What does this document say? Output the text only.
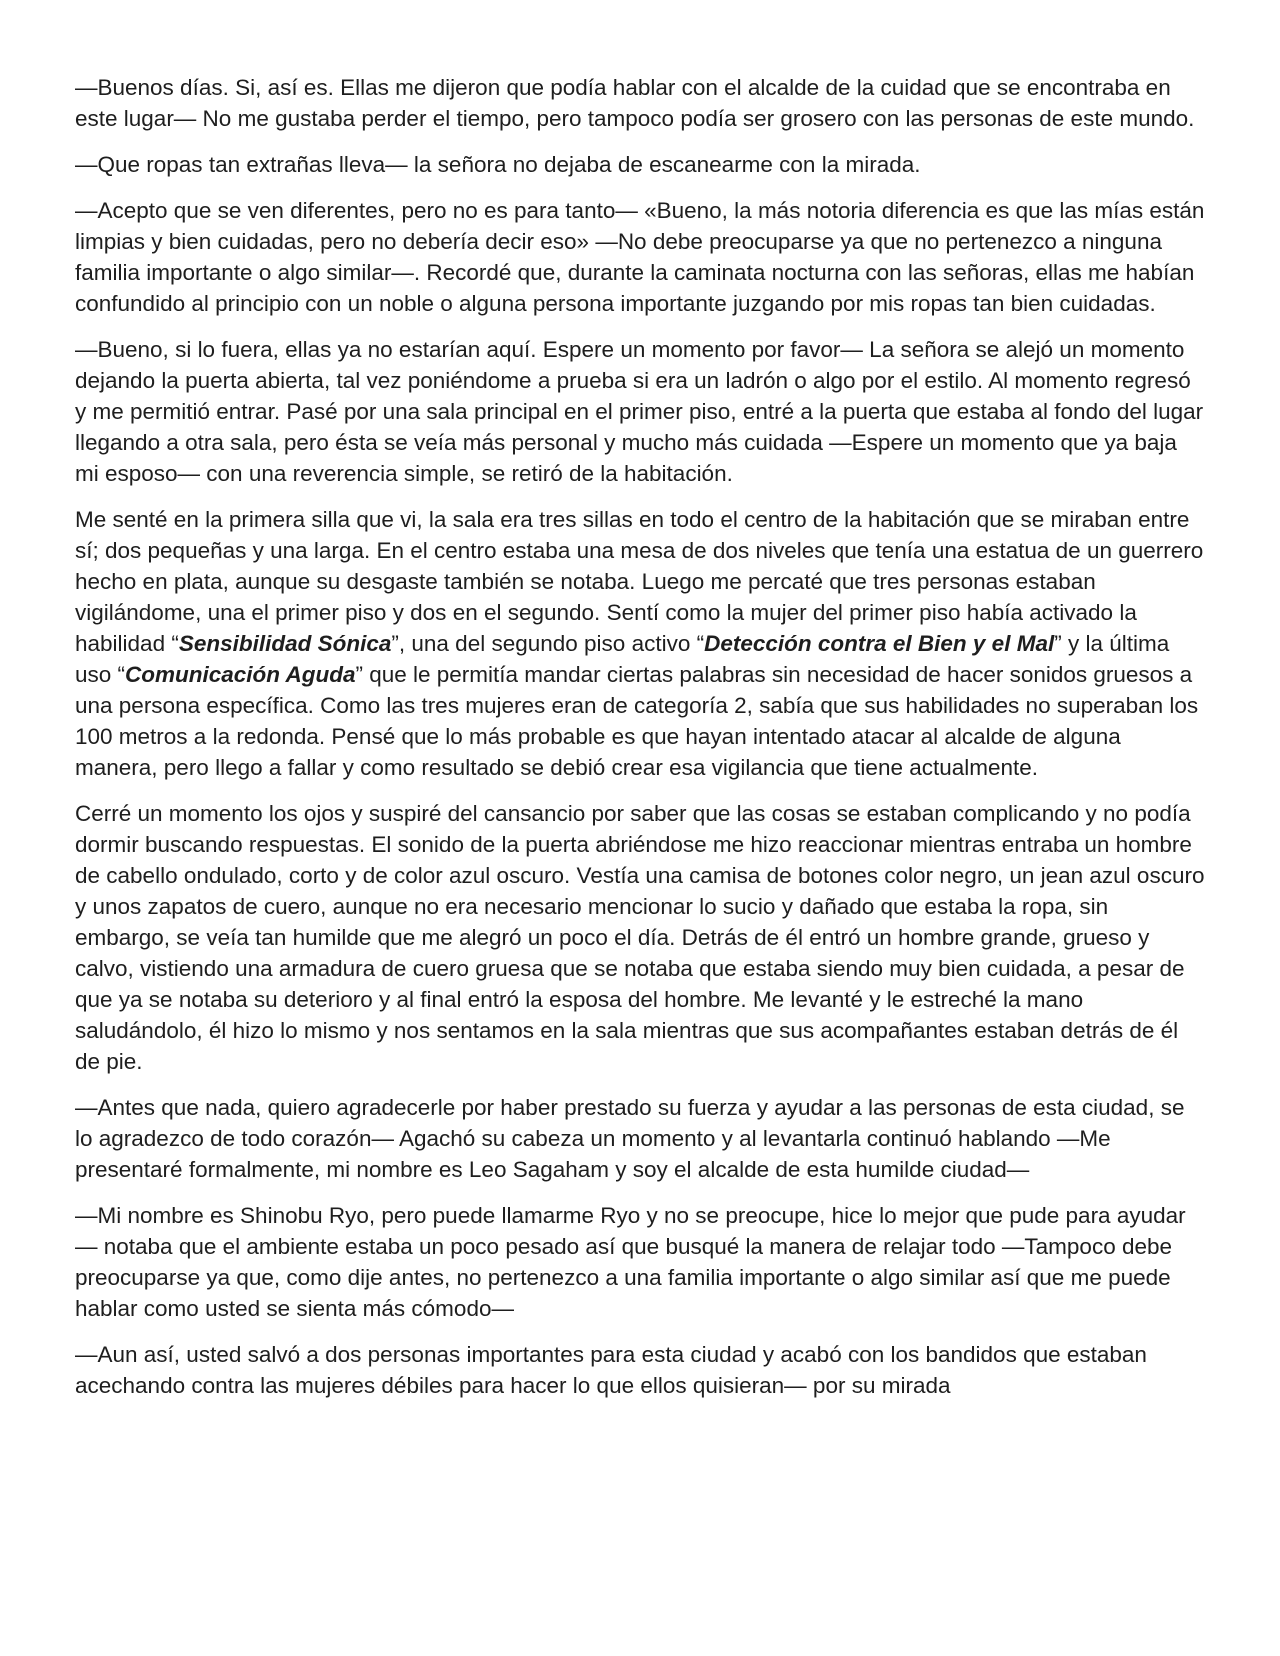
—Buenos días. Si, así es. Ellas me dijeron que podía hablar con el alcalde de la cuidad que se encontraba en este lugar— No me gustaba perder el tiempo, pero tampoco podía ser grosero con las personas de este mundo.

—Que ropas tan extrañas lleva— la señora no dejaba de escanearme con la mirada.

—Acepto que se ven diferentes, pero no es para tanto— «Bueno, la más notoria diferencia es que las mías están limpias y bien cuidadas, pero no debería decir eso» —No debe preocuparse ya que no pertenezco a ninguna familia importante o algo similar—. Recordé que, durante la caminata nocturna con las señoras, ellas me habían confundido al principio con un noble o alguna persona importante juzgando por mis ropas tan bien cuidadas.

—Bueno, si lo fuera, ellas ya no estarían aquí. Espere un momento por favor— La señora se alejó un momento dejando la puerta abierta, tal vez poniéndome a prueba si era un ladrón o algo por el estilo. Al momento regresó y me permitió entrar. Pasé por una sala principal en el primer piso, entré a la puerta que estaba al fondo del lugar llegando a otra sala, pero ésta se veía más personal y mucho más cuidada —Espere un momento que ya baja mi esposo— con una reverencia simple, se retiró de la habitación.

Me senté en la primera silla que vi, la sala era tres sillas en todo el centro de la habitación que se miraban entre sí; dos pequeñas y una larga. En el centro estaba una mesa de dos niveles que tenía una estatua de un guerrero hecho en plata, aunque su desgaste también se notaba. Luego me percaté que tres personas estaban vigilándome, una el primer piso y dos en el segundo. Sentí como la mujer del primer piso había activado la habilidad “Sensibilidad Sónica”, una del segundo piso activo “Detección contra el Bien y el Mal” y la última uso “Comunicación Aguda” que le permitía mandar ciertas palabras sin necesidad de hacer sonidos gruesos a una persona específica. Como las tres mujeres eran de categoría 2, sabía que sus habilidades no superaban los 100 metros a la redonda. Pensé que lo más probable es que hayan intentado atacar al alcalde de alguna manera, pero llego a fallar y como resultado se debió crear esa vigilancia que tiene actualmente.

Cerré un momento los ojos y suspiré del cansancio por saber que las cosas se estaban complicando y no podía dormir buscando respuestas. El sonido de la puerta abriéndose me hizo reaccionar mientras entraba un hombre de cabello ondulado, corto y de color azul oscuro. Vestía una camisa de botones color negro, un jean azul oscuro y unos zapatos de cuero, aunque no era necesario mencionar lo sucio y dañado que estaba la ropa, sin embargo, se veía tan humilde que me alegró un poco el día. Detrás de él entró un hombre grande, grueso y calvo, vistiendo una armadura de cuero gruesa que se notaba que estaba siendo muy bien cuidada, a pesar de que ya se notaba su deterioro y al final entró la esposa del hombre. Me levanté y le estreché la mano saludándolo, él hizo lo mismo y nos sentamos en la sala mientras que sus acompañantes estaban detrás de él de pie.

—Antes que nada, quiero agradecerle por haber prestado su fuerza y ayudar a las personas de esta ciudad, se lo agradezco de todo corazón— Agachó su cabeza un momento y al levantarla continuó hablando —Me presentaré formalmente, mi nombre es Leo Sagaham y soy el alcalde de esta humilde ciudad—

—Mi nombre es Shinobu Ryo, pero puede llamarme Ryo y no se preocupe, hice lo mejor que pude para ayudar— notaba que el ambiente estaba un poco pesado así que busqué la manera de relajar todo —Tampoco debe preocuparse ya que, como dije antes, no pertenezco a una familia importante o algo similar así que me puede hablar como usted se sienta más cómodo—

—Aun así, usted salvó a dos personas importantes para esta ciudad y acabó con los bandidos que estaban acechando contra las mujeres débiles para hacer lo que ellos quisieran— por su mirada
